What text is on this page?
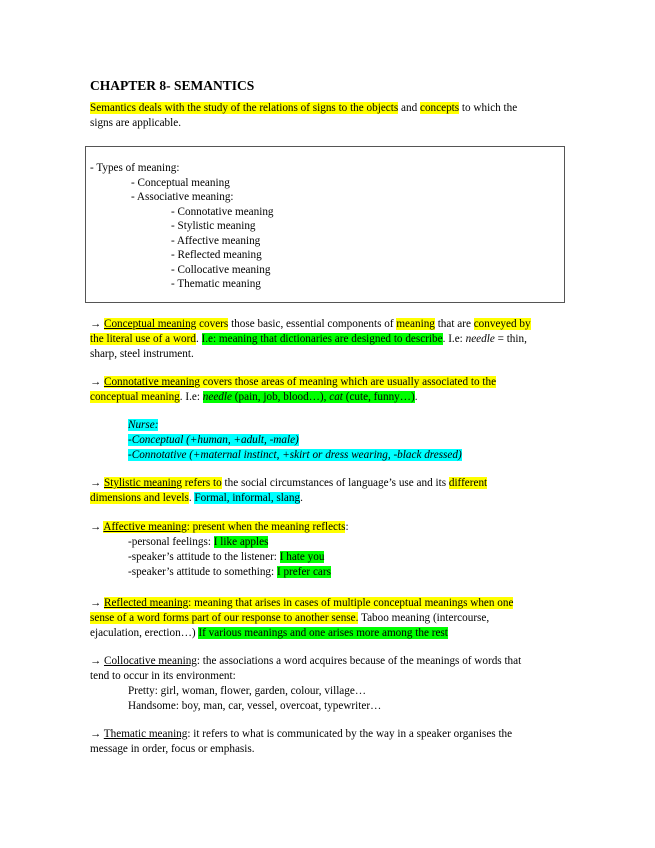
CHAPTER 8- SEMANTICS
Semantics deals with the study of the relations of signs to the objects and concepts to which the
signs are applicable.
- Types of meaning:
- Conceptual meaning
- Associative meaning:
- Connotative meaning
- Stylistic meaning
- Affective meaning
- Reflected meaning
- Collocative meaning
- Thematic meaning
→ Conceptual meaning covers those basic, essential components of meaning that are conveyed by
the literal use of a word. I.e: meaning that dictionaries are designed to describe. I.e: needle = thin,
sharp, steel instrument.
→ Connotative meaning covers those areas of meaning which are usually associated to the
conceptual meaning. I.e: needle (pain, job, blood…), cat (cute, funny…).
Nurse:
-Conceptual (+human, +adult, -male)
-Connotative (+maternal instinct, +skirt or dress wearing, -black dressed)
→ Stylistic meaning refers to the social circumstances of language’s use and its different
dimensions and levels. Formal, informal, slang.
→ Affective meaning: present when the meaning reflects:
-personal feelings: I like apples
-speaker’s attitude to the listener: I hate you
-speaker’s attitude to something: I prefer cars
→ Reflected meaning: meaning that arises in cases of multiple conceptual meanings when one
sense of a word forms part of our response to another sense. Taboo meaning (intercourse,
ejaculation, erection…) If various meanings and one arises more among the rest
→ Collocative meaning: the associations a word acquires because of the meanings of words that
tend to occur in its environment:
Pretty: girl, woman, flower, garden, colour, village…
Handsome: boy, man, car, vessel, overcoat, typewriter…
→ Thematic meaning: it refers to what is communicated by the way in a speaker organises the
message in order, focus or emphasis.
